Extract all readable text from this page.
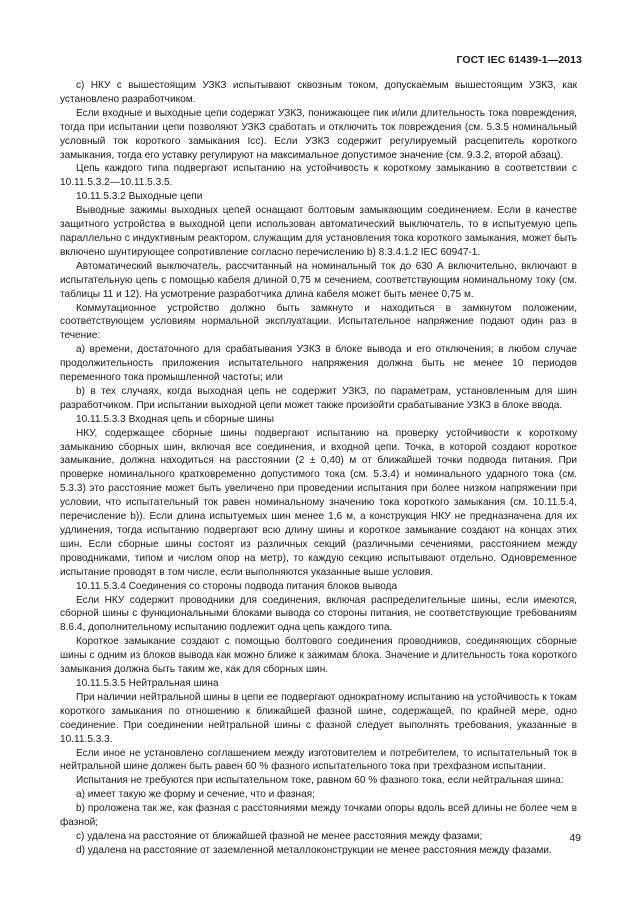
ГОСТ IEC 61439-1—2013

с) НКУ с вышестоящим УЗКЗ испытывают сквозным током, допускаемым вышестоящим УЗКЗ, как установлено разработчиком.

Если входные и выходные цепи содержат УЗКЗ, понижающее пик и/или длительность тока повреждения, тогда при испытании цепи позволяют УЗКЗ сработать и отключить ток повреждения (см. 5.3.5 номинальный условный ток короткого замыкания Icc). Если УЗКЗ содержит регулируемый расцепитель короткого замыкания, тогда его уставку регулируют на максимальное допустимое значение (см. 9.3.2, второй абзац).

Цепь каждого типа подвергают испытанию на устойчивость к короткому замыканию в соответствии с 10.11.5.3.2—10.11.5.3.5.

10.11.5.3.2 Выходные цепи

Выводные зажимы выходных цепей оснащают болтовым замыкающим соединением. Если в качестве защитного устройства в выходной цепи использован автоматический выключатель, то в испытуемую цепь параллельно с индуктивным реактором, служащим для установления тока короткого замыкания, может быть включено шунтирующее сопротивление согласно перечислению b) 8.3.4.1.2 IEC 60947-1.

Автоматический выключатель, рассчитанный на номинальный ток до 630 А включительно, включают в испытательную цепь с помощью кабеля длиной 0,75 м сечением, соответствующим номинальному току (см. таблицы 11 и 12). На усмотрение разработчика длина кабеля может быть менее 0,75 м.

Коммутационное устройство должно быть замкнуто и находиться в замкнутом положении, соответствующем условиям нормальной эксплуатации. Испытательное напряжение подают один раз в течение:

а) времени, достаточного для срабатывания УЗКЗ в блоке вывода и его отключения; в любом случае продолжительность приложения испытательного напряжения должна быть не менее 10 периодов переменного тока промышленной частоты; или

b) в тех случаях, когда выходная цепь не содержит УЗКЗ, по параметрам, установленным для шин разработчиком. При испытании выходной цепи может также произойти срабатывание УЗКЗ в блоке ввода.

10.11.5.3.3 Входная цепь и сборные шины

НКУ, содержащее сборные шины подвергают испытанию на проверку устойчивости к короткому замыканию сборных шин, включая все соединения, и входной цепи. Точка, в которой создают короткое замыкание, должна находиться на расстоянии (2 ± 0,40) м от ближайшей точки подвода питания. При проверке номинального кратковременно допустимого тока (см. 5.3.4) и номинального ударного тока (см. 5.3.3) это расстояние может быть увеличено при проведении испытания при более низком напряжении при условии, что испытательный ток равен номинальному значению тока короткого замыкания (см. 10.11.5.4, перечисление b)). Если длина испытуемых шин менее 1,6 м, а конструкция НКУ не предназначена для их удлинения, тогда испытанию подвергают всю длину шины и короткое замыкание создают на концах этих шин. Если сборные шины состоят из различных секций (различными сечениями, расстоянием между проводниками, типом и числом опор на метр), то каждую секцию испытывают отдельно. Одновременное испытание проводят в том числе, если выполняются указанные выше условия.

10.11.5.3.4 Соединения со стороны подвода питания блоков вывода

Если НКУ содержит проводники для соединения, включая распределительные шины, если имеются, сборной шины с функциональными блоками вывода со стороны питания, не соответствующие требованиям 8.6.4, дополнительному испытанию подлежит одна цепь каждого типа.

Короткое замыкание создают с помощью болтового соединения проводников, соединяющих сборные шины с одним из блоков вывода как можно ближе к зажимам блока. Значение и длительность тока короткого замыкания должна быть таким же, как для сборных шин.

10.11.5.3.5 Нейтральная шина

При наличии нейтральной шины в цепи ее подвергают однократному испытанию на устойчивость к токам короткого замыкания по отношению к ближайшей фазной шине, содержащей, по крайней мере, одно соединение. При соединении нейтральной шины с фазной следует выполнять требования, указанные в 10.11.5.3.3.

Если иное не установлено соглашением между изготовителем и потребителем, то испытательный ток в нейтральной шине должен быть равен 60 % фазного испытательного тока при трехфазном испытании.

Испытания не требуются при испытательном токе, равном 60 % фазного тока, если нейтральная шина:

а) имеет такую же форму и сечение, что и фазная;

b) проложена так же, как фазная с расстояниями между точками опоры вдоль всей длины не более чем в фазной;

с) удалена на расстояние от ближайшей фазной не менее расстояния между фазами;

d) удалена на расстояние от заземленной металлоконструкции не менее расстояния между фазами.

49
